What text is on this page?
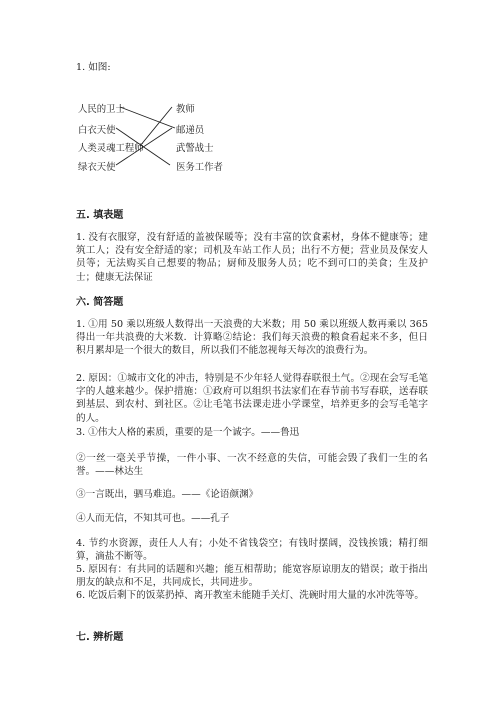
1. 如图:
人民的卫士
白衣天使
人类灵魂工程师
绿衣天使
教师
邮递员
武警战士
医务工作者
五. 填表题
1. 没有衣服穿，没有舒适的盖被保暖等；没有丰富的饮食素材，身体不健康等；建筑工人；没有安全舒适的家；司机及车站工作人员；出行不方便；营业员及保安人员等；无法购买自己想要的物品；厨师及服务人员；吃不到可口的美食；生及护士；健康无法保证
六. 简答题
1. ①用 50 乘以班级人数得出一天浪费的大米数；用 50 乘以班级人数再乘以 365 得出一年共浪费的大米数．计算略②结论：我们每天浪费的粮食看起来不多，但日积月累却是一个很大的数目，所以我们不能忽视每天每次的浪费行为。
2. 原因：①城市文化的冲击，特别是不少年轻人觉得春联很土气。②现在会写毛笔字的人越来越少。保护措施：①政府可以组织书法家们在春节前书写春联，送春联到基层、到农村、到社区。②让毛笔书法课走进小学课堂，培养更多的会写毛笔字的人。
3. ①伟大人格的素质，重要的是一个诚字。——鲁迅
②一丝一毫关乎节操，一件小事、一次不经意的失信，可能会毁了我们一生的名誉。——林达生
③一言既出，驷马难追。——《论语颜渊》
④人而无信，不知其可也。——孔子
4. 节约水资源，责任人人有；小处不省钱袋空；有钱时摆阔，没钱挨饿；精打细算，滴盐不断等。
5. 原因有：有共同的话题和兴趣；能互相帮助；能宽容原谅朋友的错误；敢于指出朋友的缺点和不足，共同成长，共同进步。
6. 吃饭后剩下的饭菜扔掉、离开教室未能随手关灯、洗碗时用大量的水冲洗等等。
七. 辨析题
